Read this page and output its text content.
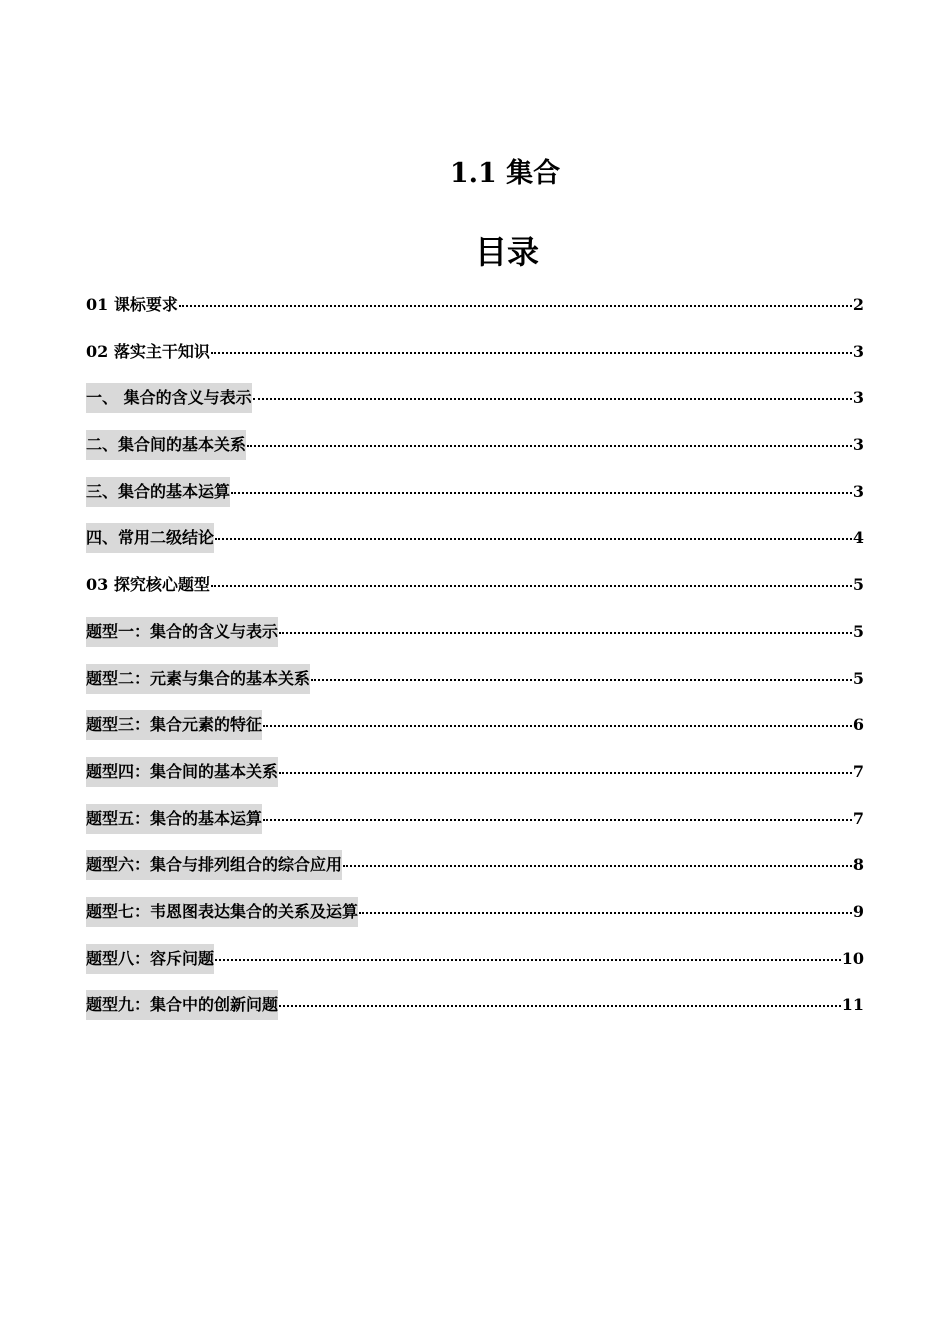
1.1 集合
目录
01 课标要求	2
02 落实主干知识	3
一、 集合的含义与表示	3
二、集合间的基本关系	3
三、集合的基本运算	3
四、常用二级结论	4
03 探究核心题型	5
题型一：集合的含义与表示	5
题型二：元素与集合的基本关系	5
题型三：集合元素的特征	6
题型四：集合间的基本关系	7
题型五：集合的基本运算	7
题型六：集合与排列组合的综合应用	8
题型七：韦恩图表达集合的关系及运算	9
题型八：容斥问题	10
题型九：集合中的创新问题	11
